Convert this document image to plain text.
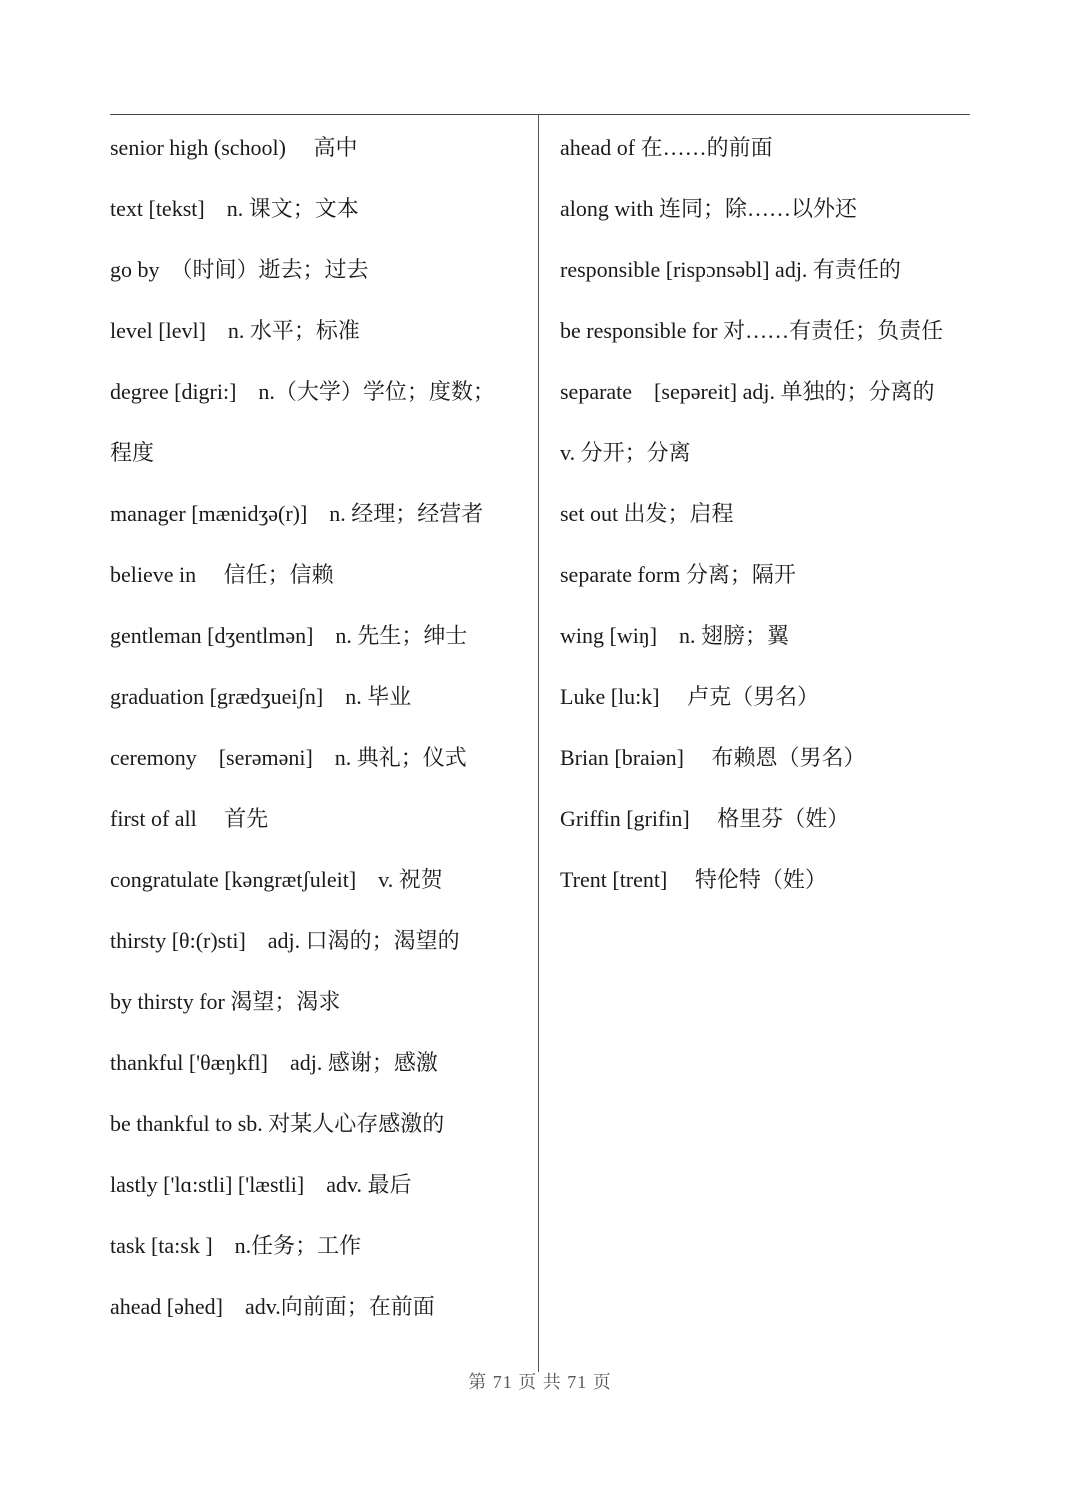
senior high (school)　 高中
text [tekst]　n. 课文；文本
go by　（时间）逝去；过去
level [levl]　n. 水平；标准
degree [digri:]　n.（大学）学位；度数；
程度
manager [mænidʒə(r)]　n. 经理；经营者
believe in　 信任；信赖
gentleman [dʒentlmən]　n. 先生；绅士
graduation [grædʒueiʃn]　n. 毕业
ceremony　[serəməni]　n. 典礼；仪式
first of all　 首先
congratulate [kəngrætʃuleit]　v. 祝贺
thirsty [θ:(r)sti]　adj. 口渴的；渴望的
by thirsty for 渴望；渴求
thankful ['θæŋkfl]　adj. 感谢；感激
be thankful to sb. 对某人心存感激的
lastly ['lɑ:stli] ['læstli]　adv. 最后
task [ta:sk ]　n.任务；工作
ahead [əhed]　adv.向前面；在前面
ahead of 在……的前面
along with 连同；除……以外还
responsible [rispɔnsəbl] adj. 有责任的
be responsible for 对……有责任；负责任
separate　[sepəreit] adj. 单独的；分离的
v. 分开；分离
set out 出发；启程
separate form 分离；隔开
wing [wiŋ]　n. 翅膀；翼
Luke [lu:k]　 卢克（男名）
Brian [braiən]　 布赖恩（男名）
Griffin [grifin]　 格里芬（姓）
Trent [trent]　 特伦特（姓）
第 71 页 共 71 页
